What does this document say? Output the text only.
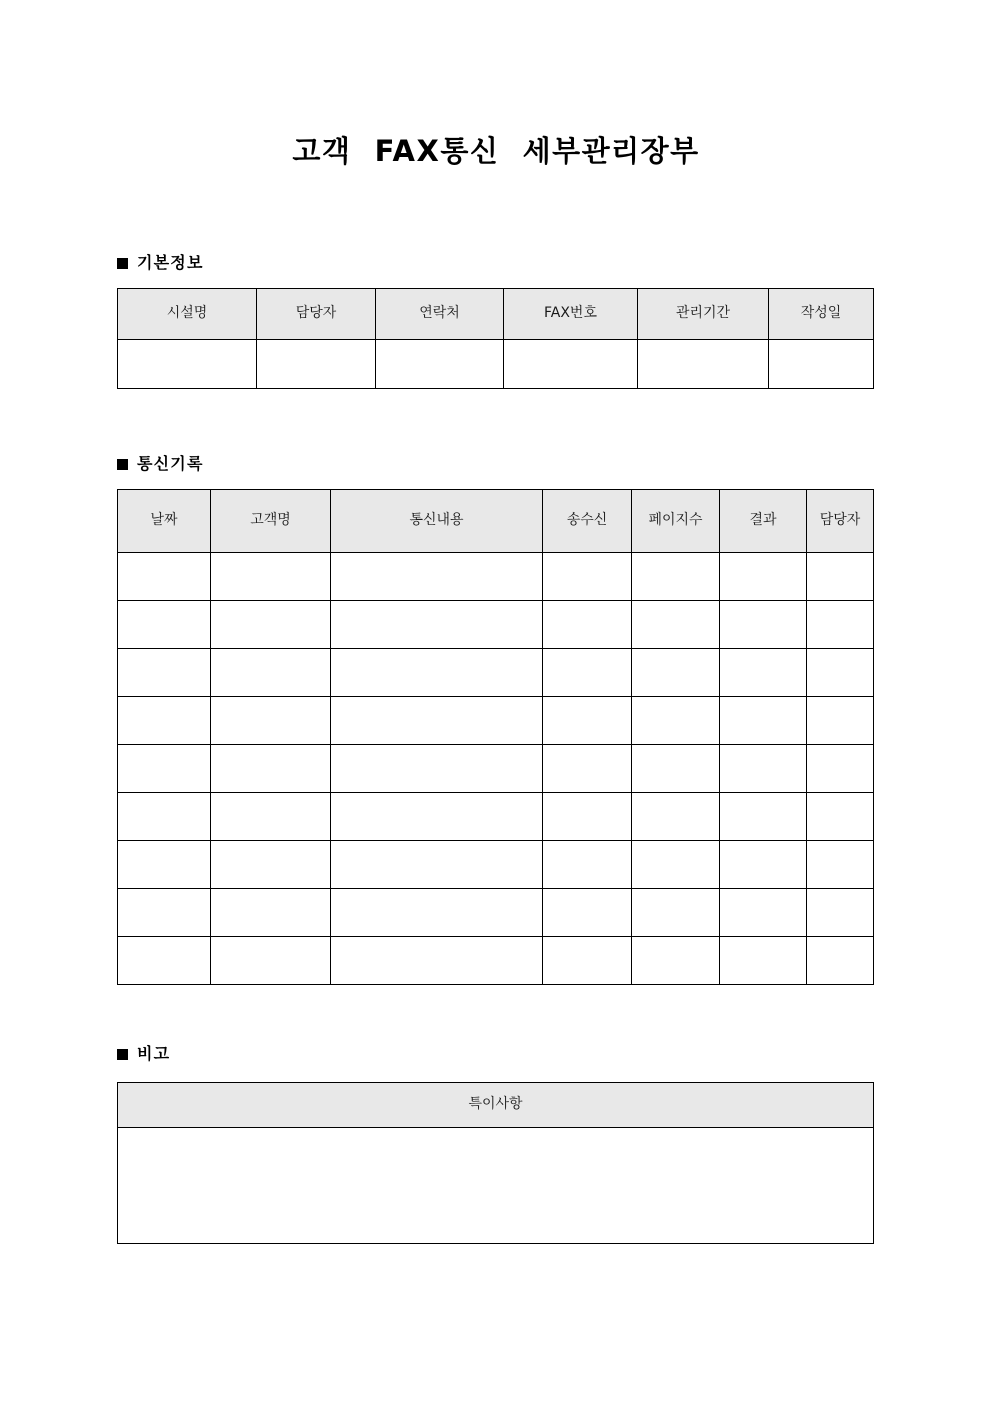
고객  FAX통신  세부관리장부
기본정보
시설명	담당자	연락처	FAX번호	관리기간	작성일

통신기록
날짜	고객명	통신내용	송수신	페이지수	결과	담당자

비고
특이사항
